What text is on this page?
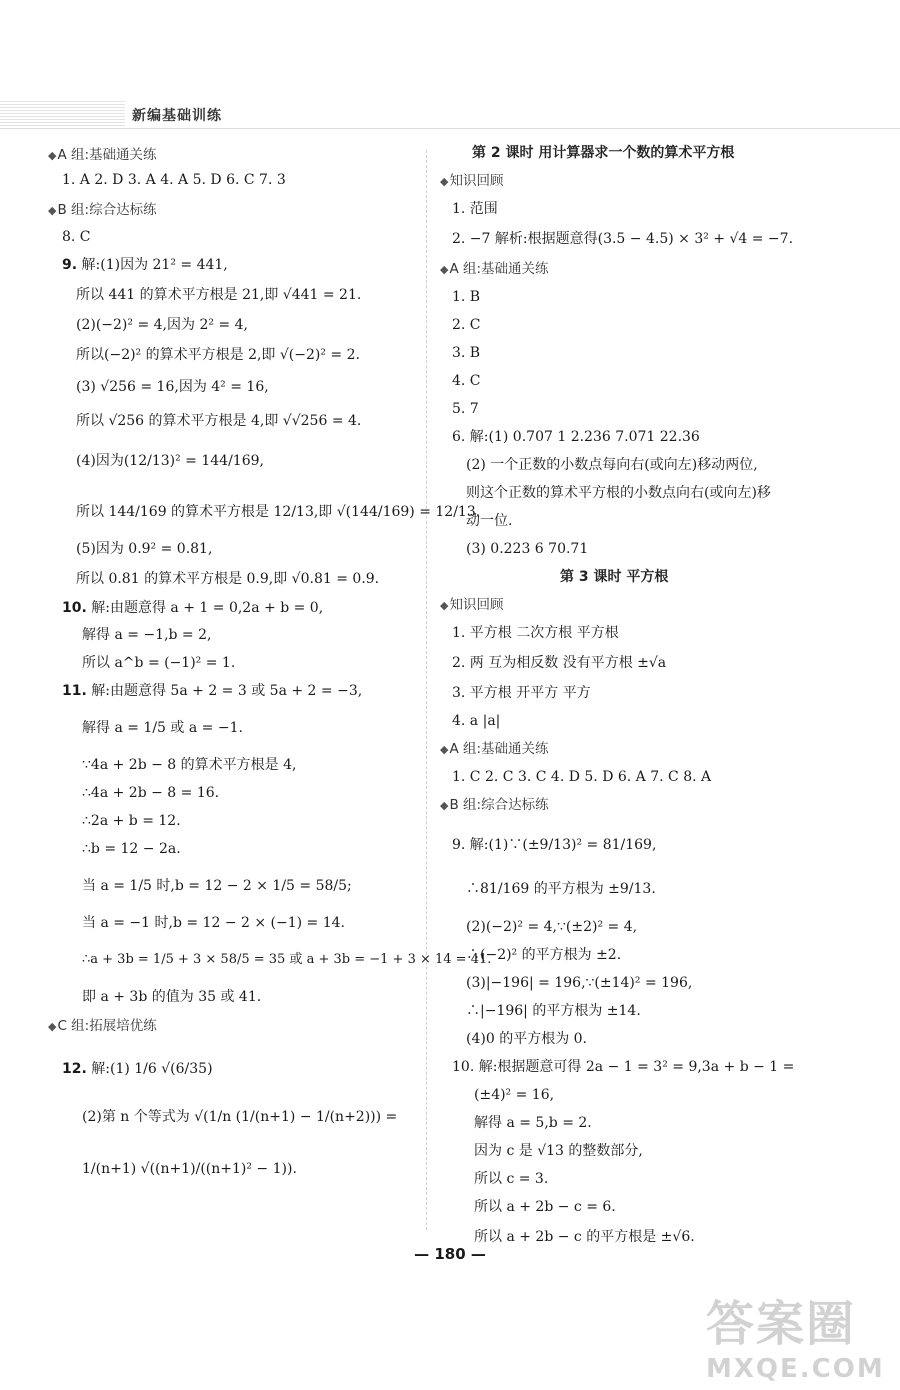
新编基础训练
◆A 组:基础通关练
1. A 2. D 3. A 4. A 5. D 6. C 7. 3
◆B 组:综合达标练
8. C
9. 解:(1)因为 21² = 441,
所以 441 的算术平方根是 21,即 √441 = 21.
(2)(−2)² = 4,因为 2² = 4,
所以(−2)² 的算术平方根是 2,即 √(−2)² = 2.
(3) √256 = 16,因为 4² = 16,
所以 √256 的算术平方根是 4,即 √√256 = 4.
(4)因为(12/13)² = 144/169,
所以 144/169 的算术平方根是 12/13,即 √(144/169) = 12/13.
(5)因为 0.9² = 0.81,
所以 0.81 的算术平方根是 0.9,即 √0.81 = 0.9.
10. 解:由题意得 a + 1 = 0,2a + b = 0,
解得 a = −1,b = 2,
所以 a^b = (−1)² = 1.
11. 解:由题意得 5a + 2 = 3 或 5a + 2 = −3,
解得 a = 1/5 或 a = −1.
∵4a + 2b − 8 的算术平方根是 4,
∴4a + 2b − 8 = 16.
∴2a + b = 12.
∴b = 12 − 2a.
当 a = 1/5 时,b = 12 − 2 × 1/5 = 58/5;
当 a = −1 时,b = 12 − 2 × (−1) = 14.
∴a + 3b = 1/5 + 3 × 58/5 = 35 或 a + 3b = −1 + 3 × 14 = 41.
即 a + 3b 的值为 35 或 41.
◆C 组:拓展培优练
12. 解:(1) 1/6 √(6/35)
(2)第 n 个等式为 √(1/n (1/(n+1) − 1/(n+2))) =
1/(n+1) √((n+1)/((n+1)² − 1)).
第 2 课时 用计算器求一个数的算术平方根
◆知识回顾
1. 范围
2. −7 解析:根据题意得(3.5 − 4.5) × 3² + √4 = −7.
◆A 组:基础通关练
1. B
2. C
3. B
4. C
5. 7
6. 解:(1) 0.707 1 2.236 7.071 22.36
(2) 一个正数的小数点每向右(或向左)移动两位,
则这个正数的算术平方根的小数点向右(或向左)移
动一位.
(3) 0.223 6 70.71
第 3 课时 平方根
◆知识回顾
1. 平方根 二次方根 平方根
2. 两 互为相反数 没有平方根 ±√a
3. 平方根 开平方 平方
4. a |a|
◆A 组:基础通关练
1. C 2. C 3. C 4. D 5. D 6. A 7. C 8. A
◆B 组:综合达标练
9. 解:(1)∵(±9/13)² = 81/169,
∴81/169 的平方根为 ±9/13.
(2)(−2)² = 4,∵(±2)² = 4,
∴(−2)² 的平方根为 ±2.
(3)|−196| = 196,∵(±14)² = 196,
∴|−196| 的平方根为 ±14.
(4)0 的平方根为 0.
10. 解:根据题意可得 2a − 1 = 3² = 9,3a + b − 1 =
(±4)² = 16,
解得 a = 5,b = 2.
因为 c 是 √13 的整数部分,
所以 c = 3.
所以 a + 2b − c = 6.
所以 a + 2b − c 的平方根是 ±√6.
— 180 —
答案圈
MXQE.COM
